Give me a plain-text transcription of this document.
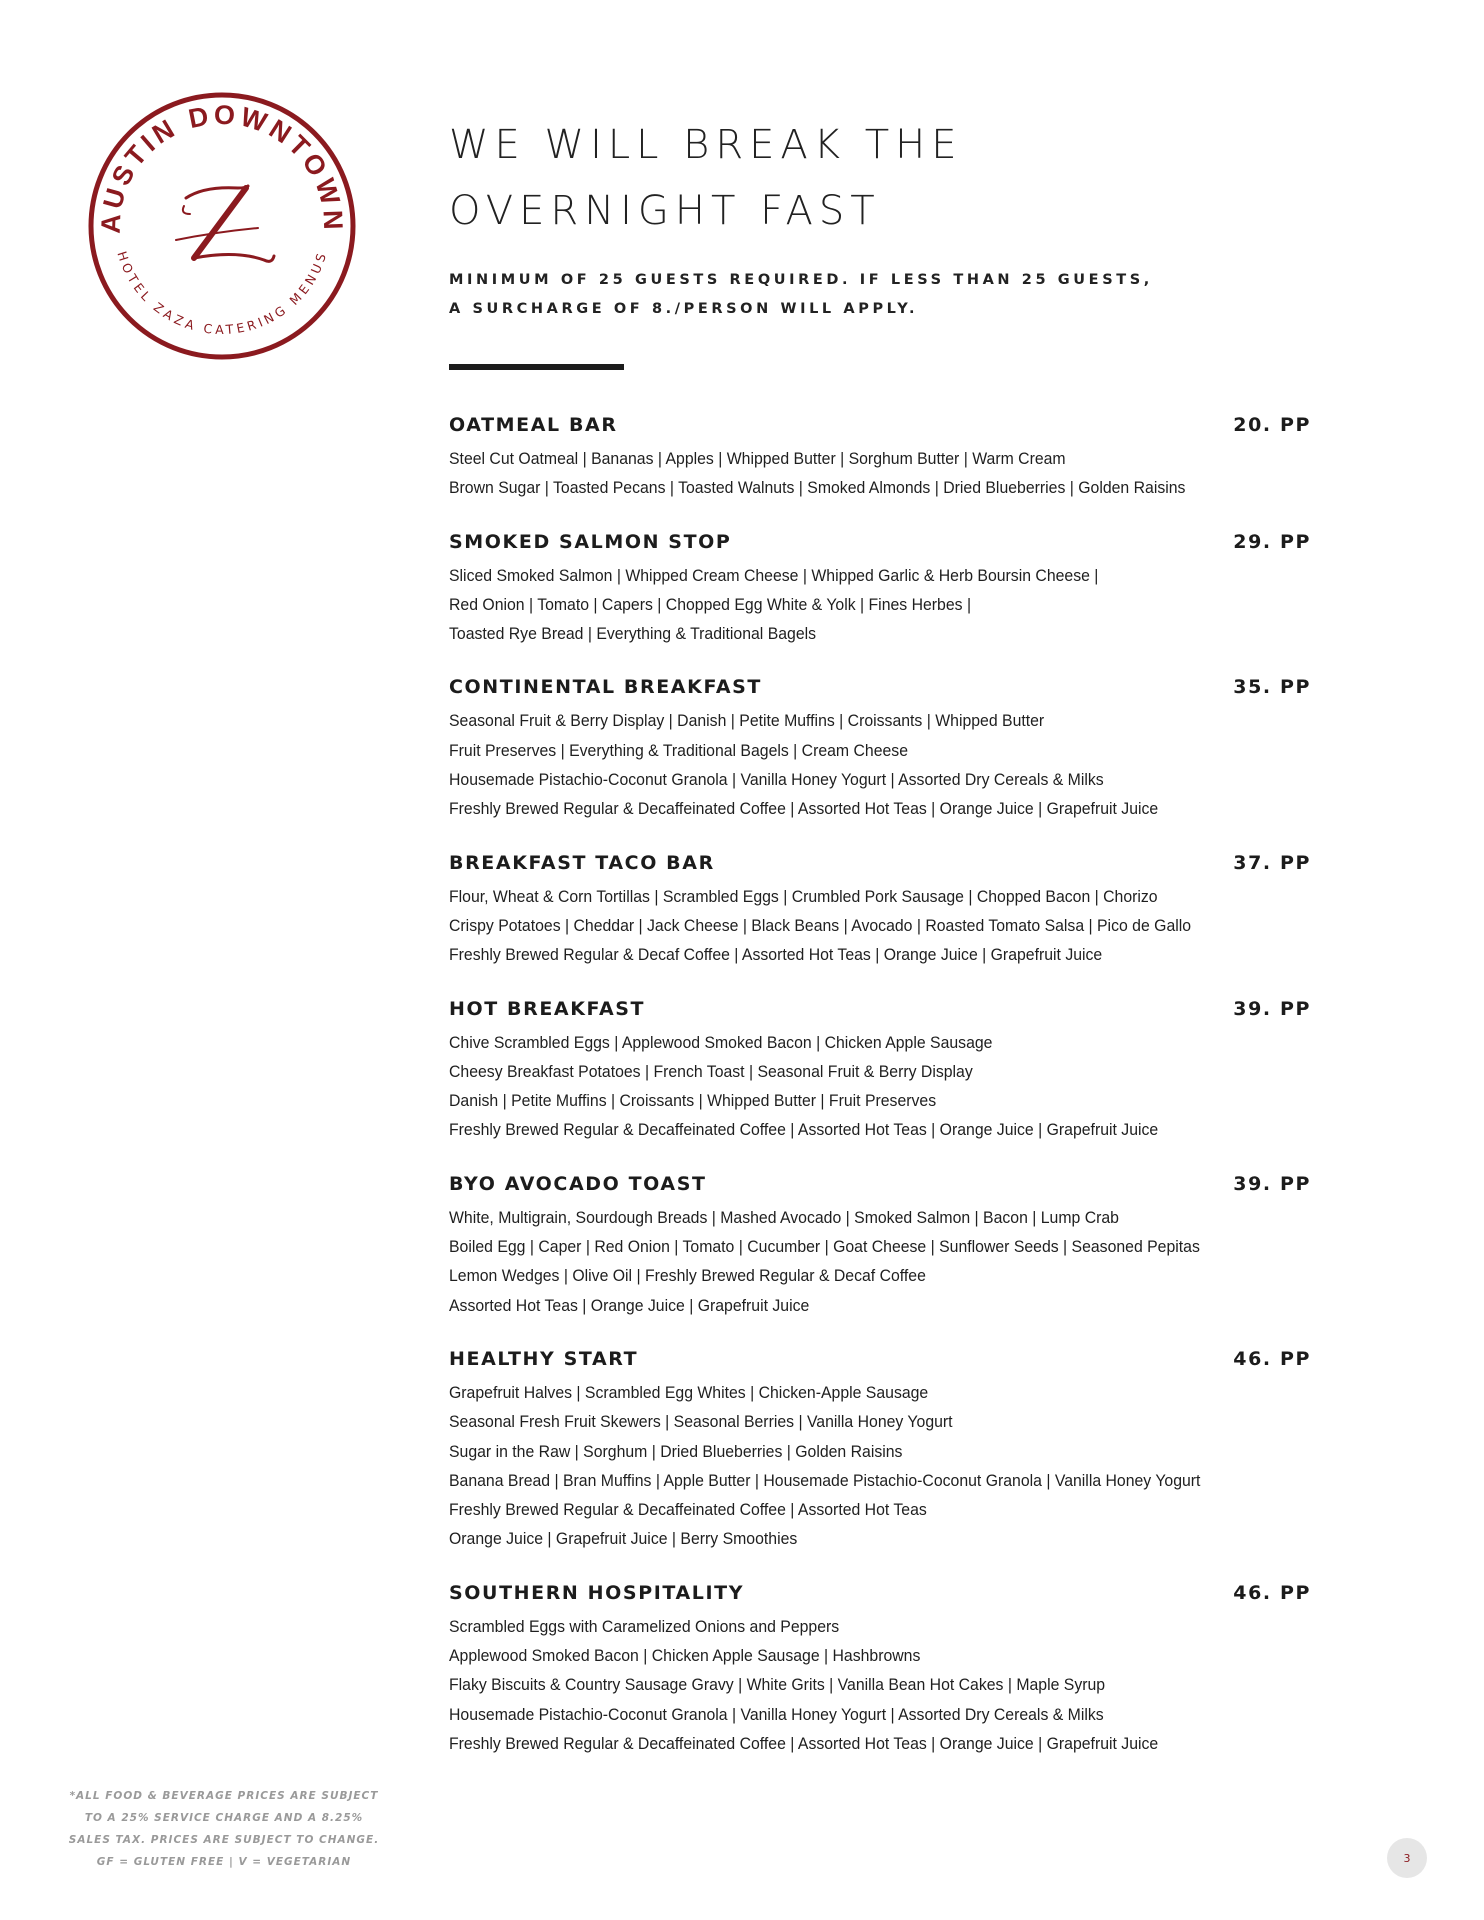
AUSTIN DOWNTOWN
HOTEL ZAZA CATERING MENUS
WE WILL BREAK THE
OVERNIGHT FAST
MINIMUM OF 25 GUESTS REQUIRED. IF LESS THAN 25 GUESTS,
A SURCHARGE OF 8./PERSON WILL APPLY.
OATMEAL BAR	20. PP
Steel Cut Oatmeal | Bananas | Apples | Whipped Butter | Sorghum Butter | Warm Cream
Brown Sugar | Toasted Pecans | Toasted Walnuts | Smoked Almonds | Dried Blueberries | Golden Raisins
SMOKED SALMON STOP	29. PP
Sliced Smoked Salmon | Whipped Cream Cheese | Whipped Garlic & Herb Boursin Cheese |
Red Onion | Tomato | Capers | Chopped Egg White & Yolk | Fines Herbes |
Toasted Rye Bread | Everything & Traditional Bagels
CONTINENTAL BREAKFAST	35. PP
Seasonal Fruit & Berry Display | Danish | Petite Muffins | Croissants | Whipped Butter
Fruit Preserves | Everything & Traditional Bagels | Cream Cheese
Housemade Pistachio-Coconut Granola | Vanilla Honey Yogurt | Assorted Dry Cereals & Milks
Freshly Brewed Regular & Decaffeinated Coffee | Assorted Hot Teas | Orange Juice | Grapefruit Juice
BREAKFAST TACO BAR	37. PP
Flour, Wheat & Corn Tortillas | Scrambled Eggs | Crumbled Pork Sausage | Chopped Bacon | Chorizo
Crispy Potatoes | Cheddar | Jack Cheese | Black Beans | Avocado | Roasted Tomato Salsa | Pico de Gallo
Freshly Brewed Regular & Decaf Coffee | Assorted Hot Teas | Orange Juice | Grapefruit Juice
HOT BREAKFAST	39. PP
Chive Scrambled Eggs | Applewood Smoked Bacon | Chicken Apple Sausage
Cheesy Breakfast Potatoes | French Toast | Seasonal Fruit & Berry Display
Danish | Petite Muffins | Croissants | Whipped Butter | Fruit Preserves
Freshly Brewed Regular & Decaffeinated Coffee | Assorted Hot Teas | Orange Juice | Grapefruit Juice
BYO AVOCADO TOAST	39. PP
White, Multigrain, Sourdough Breads | Mashed Avocado | Smoked Salmon | Bacon | Lump Crab
Boiled Egg | Caper | Red Onion | Tomato | Cucumber | Goat Cheese | Sunflower Seeds | Seasoned Pepitas
Lemon Wedges | Olive Oil | Freshly Brewed Regular & Decaf Coffee
Assorted Hot Teas | Orange Juice | Grapefruit Juice
HEALTHY START	46. PP
Grapefruit Halves | Scrambled Egg Whites | Chicken-Apple Sausage
Seasonal Fresh Fruit Skewers | Seasonal Berries | Vanilla Honey Yogurt
Sugar in the Raw | Sorghum | Dried Blueberries | Golden Raisins
Banana Bread | Bran Muffins | Apple Butter | Housemade Pistachio-Coconut Granola | Vanilla Honey Yogurt
Freshly Brewed Regular & Decaffeinated Coffee | Assorted Hot Teas
Orange Juice | Grapefruit Juice | Berry Smoothies
SOUTHERN HOSPITALITY	46. PP
Scrambled Eggs with Caramelized Onions and Peppers
Applewood Smoked Bacon | Chicken Apple Sausage | Hashbrowns
Flaky Biscuits & Country Sausage Gravy | White Grits | Vanilla Bean Hot Cakes | Maple Syrup
Housemade Pistachio-Coconut Granola | Vanilla Honey Yogurt | Assorted Dry Cereals & Milks
Freshly Brewed Regular & Decaffeinated Coffee | Assorted Hot Teas | Orange Juice | Grapefruit Juice
*ALL FOOD & BEVERAGE PRICES ARE SUBJECT
TO A 25% SERVICE CHARGE AND A 8.25%
SALES TAX. PRICES ARE SUBJECT TO CHANGE.
GF = GLUTEN FREE | V = VEGETARIAN	3
